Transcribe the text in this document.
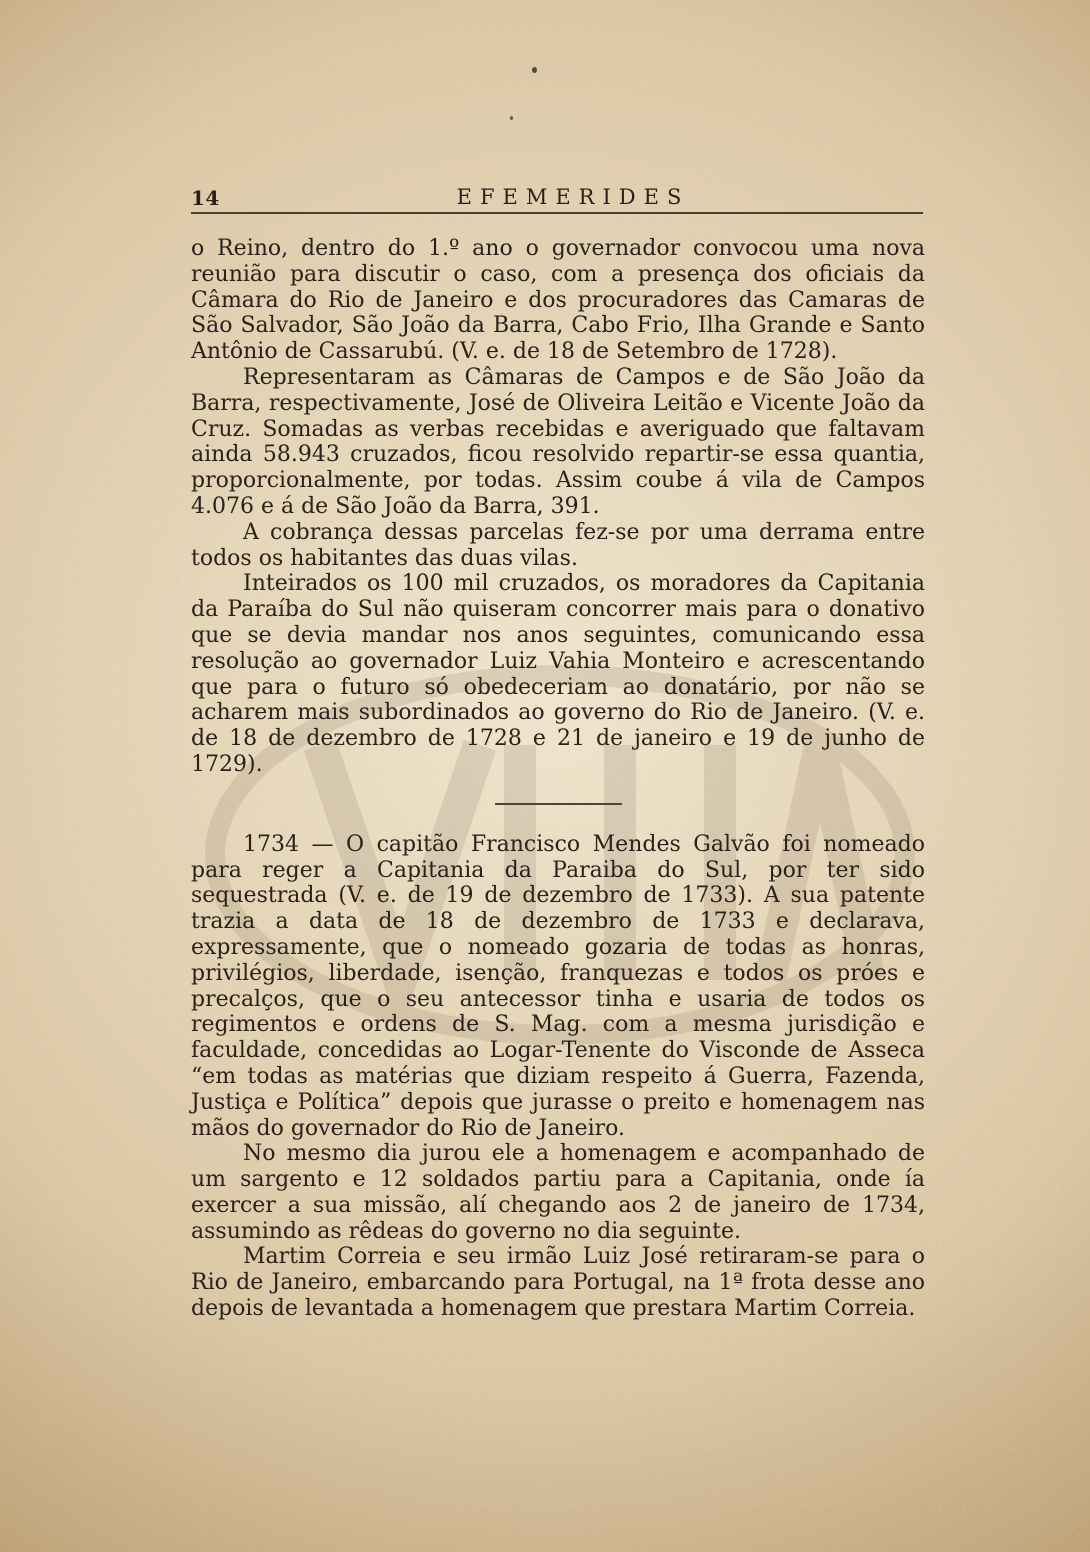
14	EFEMERIDES

o Reino, dentro do 1.º ano o governador convocou uma nova reunião para discutir o caso, com a presença dos oficiais da Câmara do Rio de Janeiro e dos procuradores das Camaras de São Salvador, São João da Barra, Cabo Frio, Ilha Grande e Santo Antônio de Cassarubú. (V. e. de 18 de Setembro de 1728).

Representaram as Câmaras de Campos e de São João da Barra, respectivamente, José de Oliveira Leitão e Vicente João da Cruz. Somadas as verbas recebidas e averiguado que faltavam ainda 58.943 cruzados, ficou resolvido repartir-se essa quantia, proporcionalmente, por todas. Assim coube á vila de Campos 4.076 e á de São João da Barra, 391.

A cobrança dessas parcelas fez-se por uma derrama entre todos os habitantes das duas vilas.

Inteirados os 100 mil cruzados, os moradores da Capitania da Paraíba do Sul não quiseram concorrer mais para o donativo que se devia mandar nos anos seguintes, comunicando essa resolução ao governador Luiz Vahia Monteiro e acrescentando que para o futuro só obedeceriam ao donatário, por não se acharem mais subordinados ao governo do Rio de Janeiro. (V. e. de 18 de dezembro de 1728 e 21 de janeiro e 19 de junho de 1729).

1734 — O capitão Francisco Mendes Galvão foi nomeado para reger a Capitania da Paraiba do Sul, por ter sido sequestrada (V. e. de 19 de dezembro de 1733). A sua patente trazia a data de 18 de dezembro de 1733 e declarava, expressamente, que o nomeado gozaria de todas as honras, privilégios, liberdade, isenção, franquezas e todos os próes e precalços, que o seu antecessor tinha e usaria de todos os regimentos e ordens de S. Mag. com a mesma jurisdição e faculdade, concedidas ao Logar-Tenente do Visconde de Asseca “em todas as matérias que diziam respeito á Guerra, Fazenda, Justiça e Política” depois que jurasse o preito e homenagem nas mãos do governador do Rio de Janeiro.

No mesmo dia jurou ele a homenagem e acompanhado de um sargento e 12 soldados partiu para a Capitania, onde ía exercer a sua missão, alí chegando aos 2 de janeiro de 1734, assumindo as rêdeas do governo no dia seguinte.

Martim Correia e seu irmão Luiz José retiraram-se para o Rio de Janeiro, embarcando para Portugal, na 1ª frota desse ano depois de levantada a homenagem que prestara Martim Correia.
